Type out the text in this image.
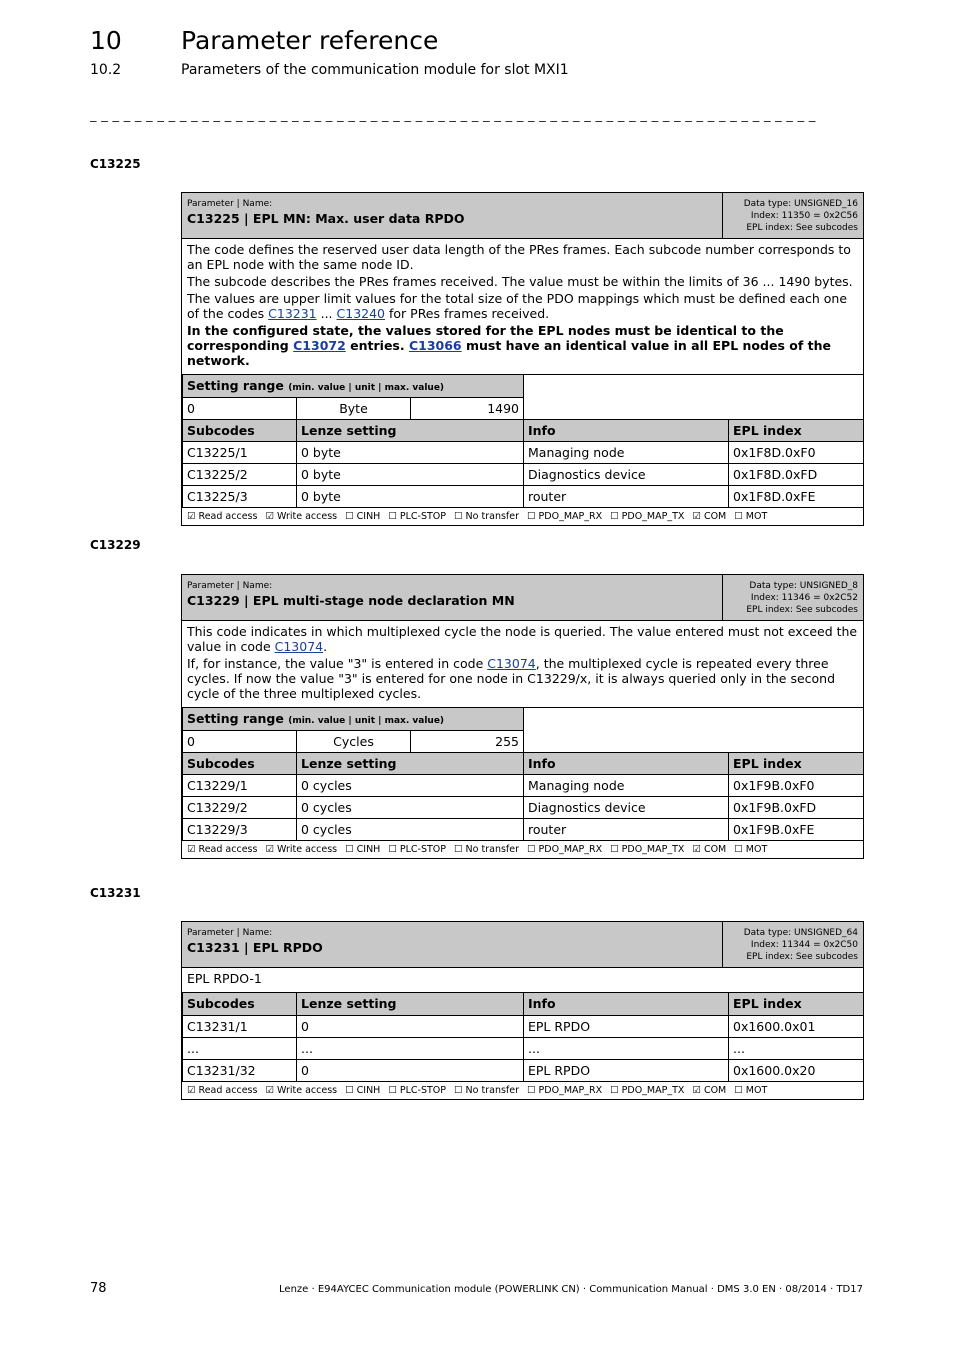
10 Parameter reference
10.2	Parameters of the communication module for slot MXI1
_ _ _ _ _ _ _ _ _ _ _ _ _ _ _ _ _ _ _ _ _ _ _ _ _ _ _ _ _ _ _ _ _ _ _ _ _ _ _ _ _ _ _ _ _ _ _ _ _ _ _ _ _ _ _ _ _ _ _ _ _ _ _ _ _
C13225
Parameter | Name:
C13225 | EPL MN: Max. user data RPDO
Data type: UNSIGNED_16
Index: 11350 = 0x2C56
EPL index: See subcodes

The code defines the reserved user data length of the PRes frames. Each subcode number corresponds to an EPL node with the same node ID.

The subcode describes the PRes frames received. The value must be within the limits of 36 ... 1490 bytes.

The values are upper limit values for the total size of the PDO mappings which must be defined each one of the codes C13231 ... C13240 for PRes frames received.

In the configured state, the values stored for the EPL nodes must be identical to the corresponding C13072 entries. C13066 must have an identical value in all EPL nodes of the network.

Setting range (min. value | unit | max. value)				
0	Byte	1490		
Subcodes	Lenze setting		Info	EPL index
C13225/1	0 byte		Managing node	0x1F8D.0xF0
C13225/2	0 byte		Diagnostics device	0x1F8D.0xFD
C13225/3	0 byte		router	0x1F8D.0xFE
☑ Read access ☑ Write access ☐ CINH ☐ PLC-STOP ☐ No transfer ☐ PDO_MAP_RX ☐ PDO_MAP_TX ☑ COM ☐ MOT
C13229
Parameter | Name:
C13229 | EPL multi-stage node declaration MN
Data type: UNSIGNED_8
Index: 11346 = 0x2C52
EPL index: See subcodes

This code indicates in which multiplexed cycle the node is queried. The value entered must not exceed the value in code C13074.

If, for instance, the value "3" is entered in code C13074, the multiplexed cycle is repeated every three cycles. If now the value "3" is entered for one node in C13229/x, it is always queried only in the second cycle of the three multiplexed cycles.

Setting range (min. value | unit | max. value)				
0	Cycles	255		
Subcodes	Lenze setting		Info	EPL index
C13229/1	0 cycles		Managing node	0x1F9B.0xF0
C13229/2	0 cycles		Diagnostics device	0x1F9B.0xFD
C13229/3	0 cycles		router	0x1F9B.0xFE
☑ Read access ☑ Write access ☐ CINH ☐ PLC-STOP ☐ No transfer ☐ PDO_MAP_RX ☐ PDO_MAP_TX ☑ COM ☐ MOT
C13231
Parameter | Name:
C13231 | EPL RPDO
Data type: UNSIGNED_64
Index: 11344 = 0x2C50
EPL index: See subcodes

EPL RPDO-1

Subcodes	Lenze setting	Info	EPL index
C13231/1	0	EPL RPDO	0x1600.0x01
...	...	...	...
C13231/32	0	EPL RPDO	0x1600.0x20
☑ Read access ☑ Write access ☐ CINH ☐ PLC-STOP ☐ No transfer ☐ PDO_MAP_RX ☐ PDO_MAP_TX ☑ COM ☐ MOT
78	Lenze · E94AYCEC Communication module (POWERLINK CN) · Communication Manual · DMS 3.0 EN · 08/2014 · TD17
